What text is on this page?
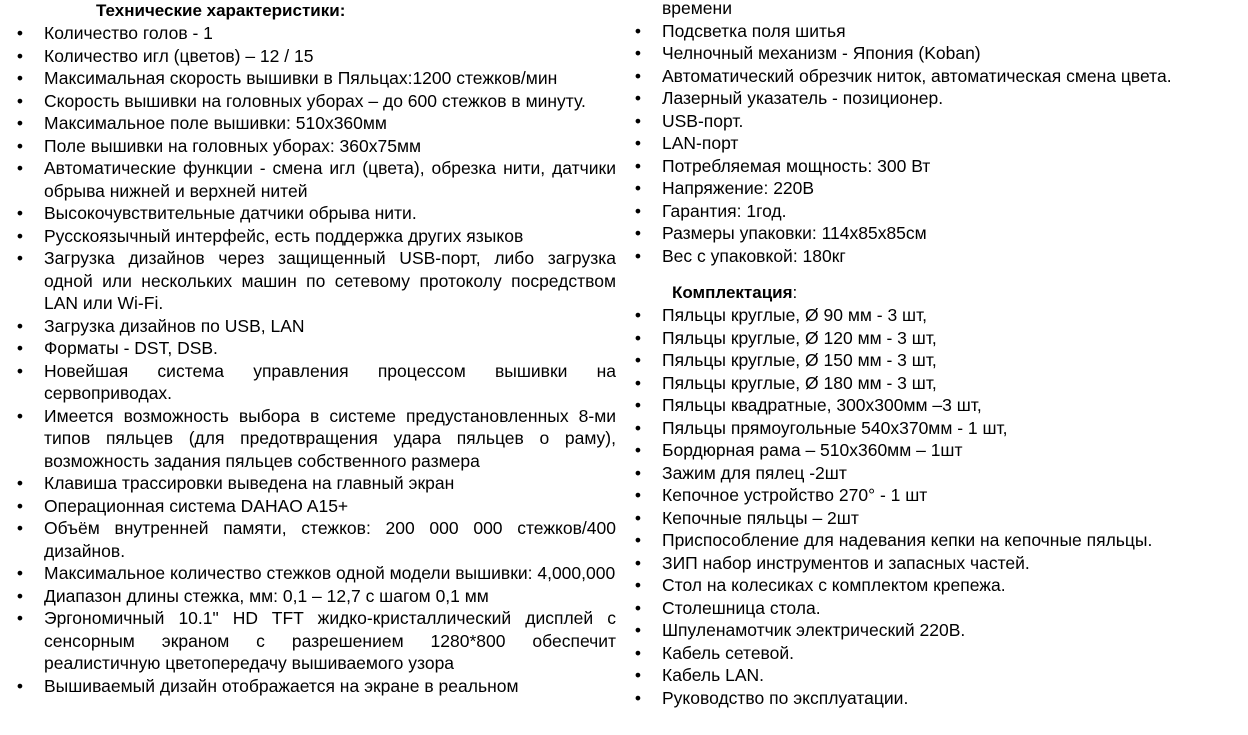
Технические характеристики:

• Количество голов - 1
• Количество игл (цветов) – 12 / 15
• Максимальная скорость вышивки в Пяльцах:1200 стежков/мин
• Скорость вышивки на головных уборах – до 600 стежков в минуту.
• Максимальное поле вышивки: 510х360мм
• Поле вышивки на головных уборах: 360х75мм
• Автоматические функции - смена игл (цвета), обрезка нити, датчики обрыва нижней и верхней нитей
• Высокочувствительные датчики обрыва нити.
• Русскоязычный интерфейс, есть поддержка других языков
• Загрузка дизайнов через защищенный USB-порт, либо загрузка одной или нескольких машин по сетевому протоколу посредством LAN или Wi-Fi.
• Загрузка дизайнов по USB, LAN
• Форматы - DST, DSB.
• Новейшая система управления процессом вышивки на сервоприводах.
• Имеется возможность выбора в системе предустановленных 8-ми типов пяльцев (для предотвращения удара пяльцев о раму), возможность задания пяльцев собственного размера
• Клавиша трассировки выведена на главный экран
• Операционная система DAHAO A15+
• Объём внутренней памяти, стежков: 200 000 000 стежков/400 дизайнов.
• Максимальное количество стежков одной модели вышивки: 4,000,000
• Диапазон длины стежка, мм: 0,1 – 12,7 с шагом 0,1 мм
• Эргономичный 10.1" HD TFT жидко-кристаллический дисплей с сенсорным экраном с разрешением 1280*800 обеспечит реалистичную цветопередачу вышиваемого узора
• Вышиваемый дизайн отображается на экране в реальном
времени
• Подсветка поля шитья
• Челночный механизм - Япония (Koban)
• Автоматический обрезчик ниток, автоматическая смена цвета.
• Лазерный указатель - позиционер.
• USB-порт.
• LAN-порт
• Потребляемая мощность: 300 Вт
• Напряжение: 220В
• Гарантия: 1год.
• Размеры упаковки: 114х85х85см
• Вес с упаковкой: 180кг

Комплектация:

• Пяльцы круглые, Ø 90 мм - 3 шт,
• Пяльцы круглые, Ø 120 мм - 3 шт,
• Пяльцы круглые, Ø 150 мм - 3 шт,
• Пяльцы круглые, Ø 180 мм - 3 шт,
• Пяльцы квадратные, 300х300мм –3 шт,
• Пяльцы прямоугольные 540х370мм - 1 шт,
• Бордюрная рама – 510х360мм – 1шт
• Зажим для пялец -2шт
• Кепочное устройство 270° - 1 шт
• Кепочные пяльцы – 2шт
• Приспособление для надевания кепки на кепочные пяльцы.
• ЗИП набор инструментов и запасных частей.
• Стол на колесиках с комплектом крепежа.
• Столешница стола.
• Шпуленамотчик электрический 220В.
• Кабель сетевой.
• Кабель LAN.
• Руководство по эксплуатации.
